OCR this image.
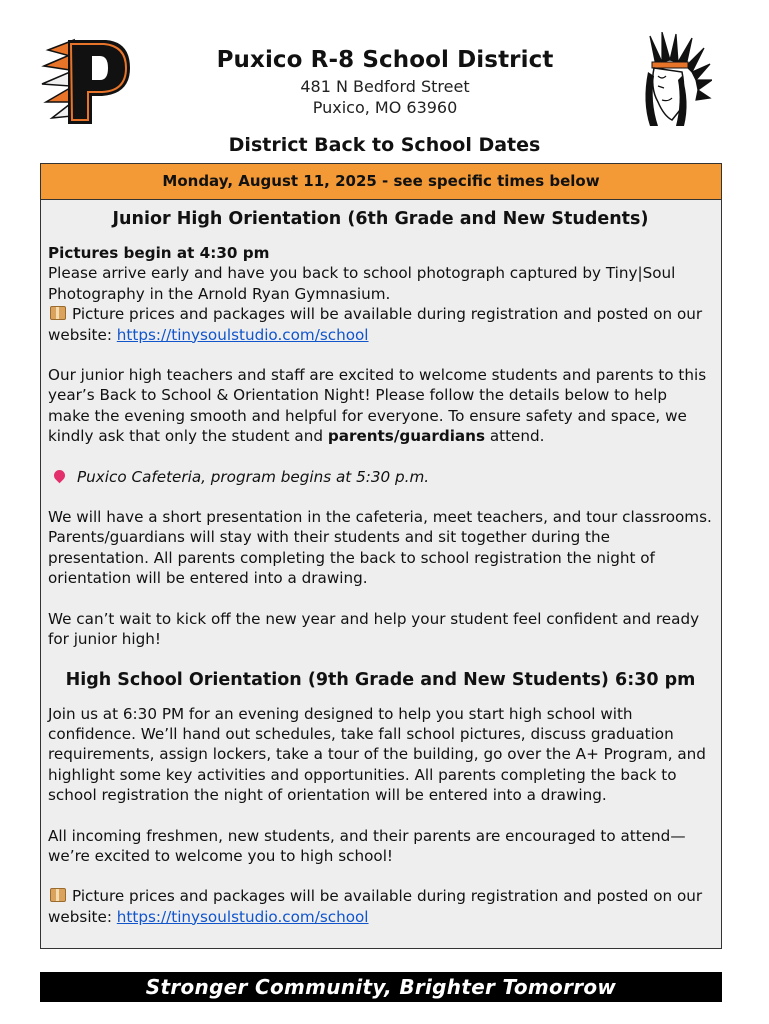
Puxico R-8 School District
481 N Bedford Street
Puxico, MO 63960
District Back to School Dates
Monday, August 11, 2025 - see specific times below
Junior High Orientation (6th Grade and New Students)

Pictures begin at 4:30 pm

Please arrive early and have you back to school photograph captured by Tiny|Soul Photography in the Arnold Ryan Gymnasium.

Picture prices and packages will be available during registration and posted on our website: https://tinysoulstudio.com/school

Our junior high teachers and staff are excited to welcome students and parents to this year’s Back to School & Orientation Night! Please follow the details below to help make the evening smooth and helpful for everyone. To ensure safety and space, we kindly ask that only the student and parents/guardians attend.

Puxico Cafeteria, program begins at 5:30 p.m.

We will have a short presentation in the cafeteria, meet teachers, and tour classrooms. Parents/guardians will stay with their students and sit together during the presentation. All parents completing the back to school registration the night of orientation will be entered into a drawing.

We can’t wait to kick off the new year and help your student feel confident and ready for junior high!

High School Orientation (9th Grade and New Students) 6:30 pm

Join us at 6:30 PM for an evening designed to help you start high school with confidence. We’ll hand out schedules, take fall school pictures, discuss graduation requirements, assign lockers, take a tour of the building, go over the A+ Program, and highlight some key activities and opportunities. All parents completing the back to school registration the night of orientation will be entered into a drawing.

All incoming freshmen, new students, and their parents are encouraged to attend—we’re excited to welcome you to high school!

Picture prices and packages will be available during registration and posted on our website: https://tinysoulstudio.com/school

Stronger Community, Brighter Tomorrow
